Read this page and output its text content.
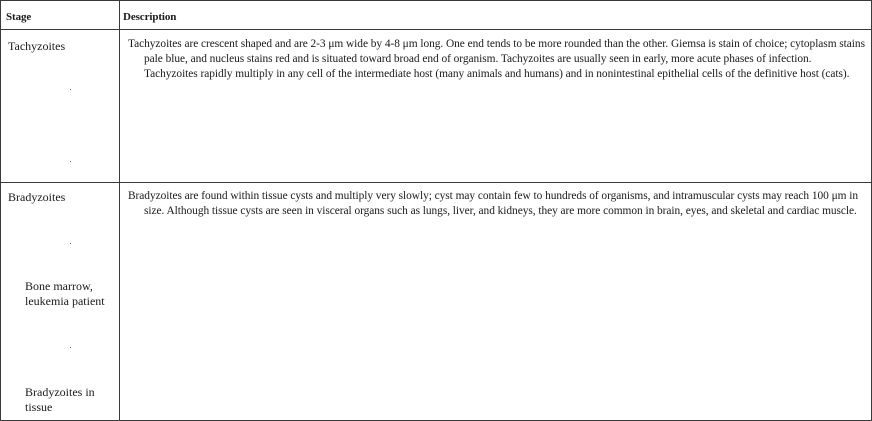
Stage	Description
Tachyzoites	Tachyzoites are crescent shaped and are 2-3 μm wide by 4-8 μm long. One end tends to be more rounded than the other. Giemsa is stain of choice; cytoplasm stains pale blue, and nucleus stains red and is situated toward broad end of organism. Tachyzoites are usually seen in early, more acute phases of infection. Tachyzoites rapidly multiply in any cell of the intermediate host (many animals and humans) and in nonintestinal epithelial cells of the definitive host (cats).
Bradyzoites
Bone marrow, leukemia patient
Bradyzoites in tissue
Bradyzoites are found within tissue cysts and multiply very slowly; cyst may contain few to hundreds of organisms, and intramuscular cysts may reach 100 μm in size. Although tissue cysts are seen in visceral organs such as lungs, liver, and kidneys, they are more common in brain, eyes, and skeletal and cardiac muscle.
